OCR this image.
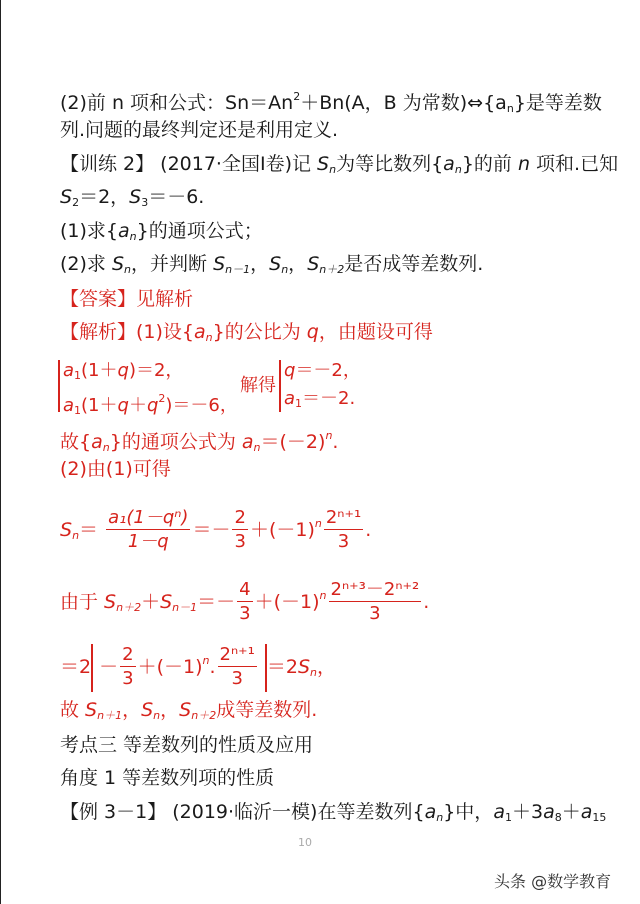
(2)前 n 项和公式：$Sn=An^2+Bn(A$，B 为常数)$\Leftrightarrow\{a_n\}$是等差数
列.问题的最终判定还是利用定义.
【训练 2】 (2017·全国Ⅰ卷)记 $S_n$为等比数列$\{a_n\}$的前 n 项和.已知
$S_2=2$，$S_3=-6$.
(1)求$\{a_n\}$的通项公式；
(2)求 $S_n$，并判断 $S_{n-1}$，$S_n$，$S_{n+2}$是否成等差数列.
【答案】见解析
【解析】(1)设$\{a_n\}$的公比为 q，由题设可得
$a_1(1+q)=2$，
$a_1(1+q+q^2)=-6$，
解得
q＝－2，
$a_1=-2$.
故$\{a_n\}$的通项公式为 $a_n=(-2)^n$.
(2)由(1)可得
$S_n= \frac{\text{a₁(1－qⁿ)}}{1-q} =- \frac{2}{3} +(-1)^n \frac{\text{2ⁿ⁺¹}}{3}$ .
由于 $S_{n+2}+S_{n-1}=- \frac{4}{3} +(-1)^n \frac{\text{2ⁿ⁺³－2ⁿ⁺²}}{3}$ .
$=2 - \frac{2}{3} +(-1)^n$. $\frac{\text{2ⁿ⁺¹}}{3} =2S_n$，
故 $S_{n+1}$，$S_n$，$S_{n+2}$成等差数列.
考点三 等差数列的性质及应用
角度 1 等差数列项的性质
【例 3－1】 (2019·临沂一模)在等差数列$\{a_n\}$中，$a_1+3a_8+a_{15}$
10
头条 @数学教育
